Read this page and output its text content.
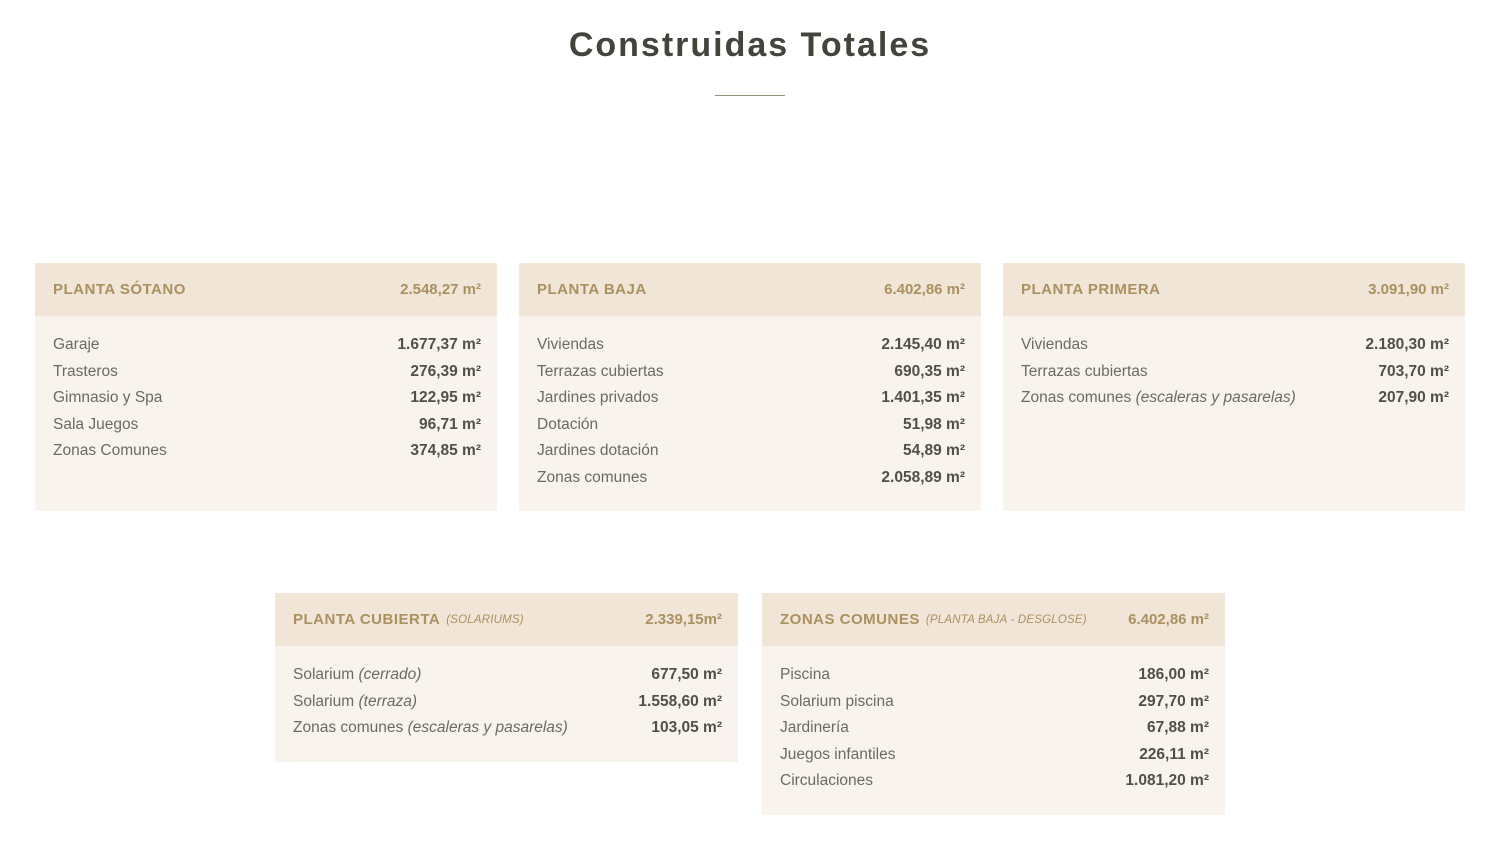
Construidas Totales
PLANTA SÓTANO	2.548,27 m²
Garaje	1.677,37 m²
Trasteros	276,39 m²
Gimnasio y Spa	122,95 m²
Sala Juegos	96,71 m²
Zonas Comunes	374,85 m²
PLANTA BAJA	6.402,86 m²
Viviendas	2.145,40 m²
Terrazas cubiertas	690,35 m²
Jardines privados	1.401,35 m²
Dotación	51,98 m²
Jardines dotación	54,89 m²
Zonas comunes	2.058,89 m²
PLANTA PRIMERA	3.091,90 m²
Viviendas	2.180,30 m²
Terrazas cubiertas	703,70 m²
Zonas comunes (escaleras y pasarelas)	207,90 m²
PLANTA CUBIERTA (SOLARIUMS)	2.339,15m²
Solarium (cerrado)	677,50 m²
Solarium (terraza)	1.558,60 m²
Zonas comunes (escaleras y pasarelas)	103,05 m²
ZONAS COMUNES (PLANTA BAJA - DESGLOSE)	6.402,86 m²
Piscina	186,00 m²
Solarium piscina	297,70 m²
Jardinería	67,88 m²
Juegos infantiles	226,11 m²
Circulaciones	1.081,20 m²
